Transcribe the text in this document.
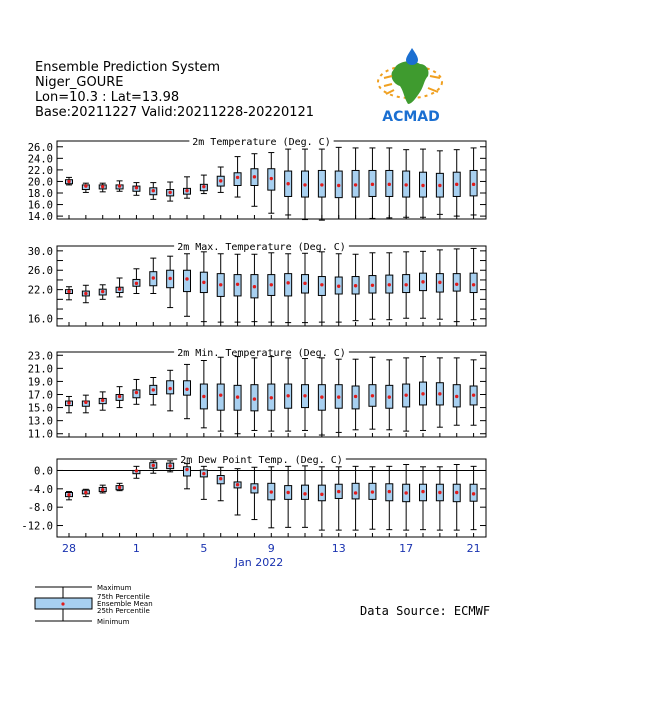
Ensemble Prediction System
Niger_GOURE
Lon=10.3 : Lat=13.98
Base:20211227 Valid:20211228-20220121	ACMAD
2m Temperature (Deg. C)
14.0
16.0
18.0
20.0
22.0
24.0
26.0
2m Max. Temperature (Deg. C)
16.0
22.0
26.0
30.0
2m Min. Temperature (Deg. C)
11.0
13.0
15.0
17.0
19.0
21.0
23.0
2m Dew Point Temp. (Deg. C)
-12.0
-8.0
-4.0
0.0
28	1	5	9	13	17	21
Jan 2022
Maximum
75th Percentile
Ensemble Mean
25th Percentile
Minimum
Data Source: ECMWF
